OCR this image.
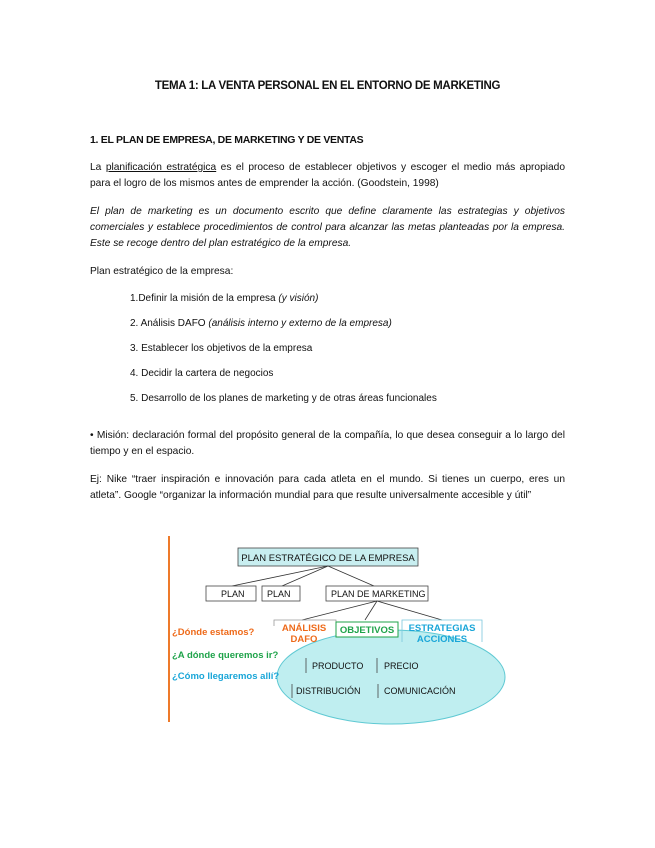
TEMA 1: LA VENTA PERSONAL EN EL ENTORNO DE MARKETING
1. EL PLAN DE EMPRESA, DE MARKETING Y DE VENTAS
La planificación estratégica es el proceso de establecer objetivos y escoger el medio más apropiado para el logro de los mismos antes de emprender la acción. (Goodstein, 1998)
El plan de marketing es un documento escrito que define claramente las estrategias y objetivos comerciales y establece procedimientos de control para alcanzar las metas planteadas por la empresa. Este se recoge dentro del plan estratégico de la empresa.
Plan estratégico de la empresa:
1.Definir la misión de la empresa (y visión)
2. Análisis DAFO (análisis interno y externo de la empresa)
3. Establecer los objetivos de la empresa
4. Decidir la cartera de negocios
5. Desarrollo de los planes de marketing y de otras áreas funcionales
• Misión: declaración formal del propósito general de la compañía, lo que desea conseguir a lo largo del tiempo y en el espacio.
Ej: Nike “traer inspiración e innovación para cada atleta en el mundo. Si tienes un cuerpo, eres un atleta”. Google “organizar la información mundial para que resulte universalmente accesible y útil”
PLAN ESTRATÉGICO DE LA EMPRESA
PLAN PLAN	PLAN DE MARKETING
¿Dónde estamos?
¿A dónde queremos ir?
¿Cómo llegaremos allí?
ANÁLISIS
DAFO
OBJETIVOS ESTRATEGIAS
ACCIONES
PRODUCTO PRECIO
DISTRIBUCIÓN	COMUNICACIÓN
